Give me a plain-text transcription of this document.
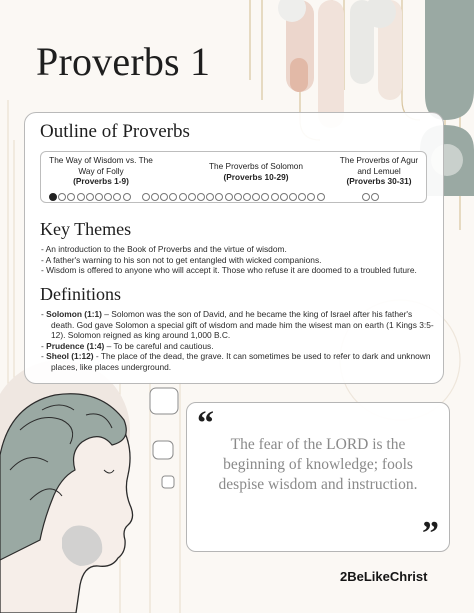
Proverbs 1
Outline of Proverbs
The Way of Wisdom vs. The Way of Folly
(Proverbs 1-9)
The Proverbs of Solomon
(Proverbs 10-29)
The Proverbs of Agur and Lemuel
(Proverbs 30-31)
Key Themes
- An introduction to the Book of Proverbs and the virtue of wisdom.
- A father's warning to his son not to get entangled with wicked companions.
- Wisdom is offered to anyone who will accept it. Those who refuse it are doomed to a troubled future.
Definitions
- Solomon (1:1) – Solomon was the son of David, and he became the king of Israel after his father's death. God gave Solomon a special gift of wisdom and made him the wisest man on earth (1 Kings 3:5-12). Solomon reigned as king around 1,000 B.C.
- Prudence (1:4) – To be careful and cautious.
- Sheol (1:12) - The place of the dead, the grave. It can sometimes be used to refer to dark and unknown places, like places underground.
“
The fear of the LORD is the beginning of knowledge; fools despise wisdom and instruction.
”
2BeLikeChrist
